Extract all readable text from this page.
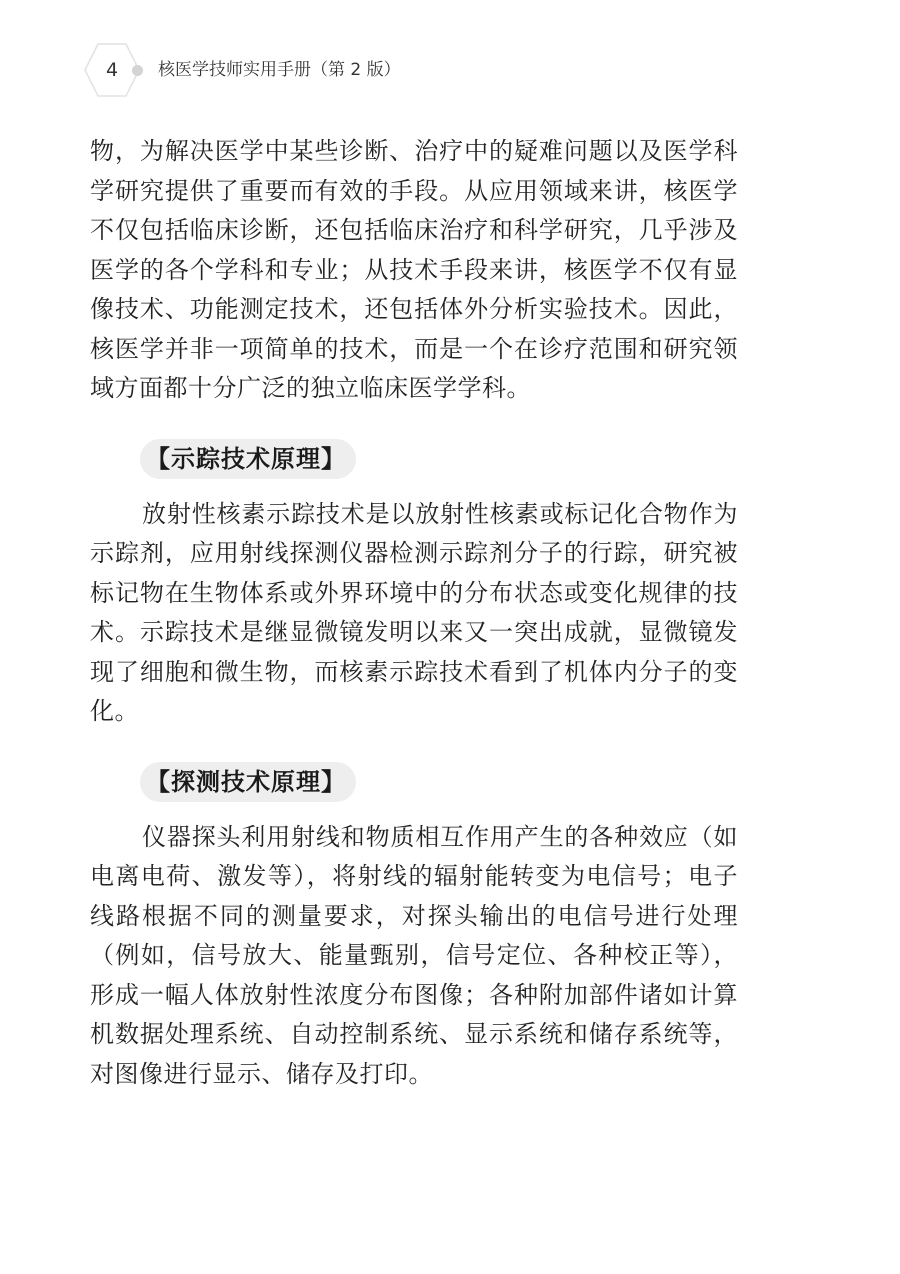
4	核医学技师实用手册（第 2 版）

物，为解决医学中某些诊断、治疗中的疑难问题以及医学科学研究提供了重要而有效的手段。从应用领域来讲，核医学不仅包括临床诊断，还包括临床治疗和科学研究，几乎涉及医学的各个学科和专业；从技术手段来讲，核医学不仅有显像技术、功能测定技术，还包括体外分析实验技术。因此，核医学并非一项简单的技术，而是一个在诊疗范围和研究领域方面都十分广泛的独立临床医学学科。

【示踪技术原理】

放射性核素示踪技术是以放射性核素或标记化合物作为示踪剂，应用射线探测仪器检测示踪剂分子的行踪，研究被标记物在生物体系或外界环境中的分布状态或变化规律的技术。示踪技术是继显微镜发明以来又一突出成就，显微镜发现了细胞和微生物，而核素示踪技术看到了机体内分子的变化。

【探测技术原理】

仪器探头利用射线和物质相互作用产生的各种效应（如电离电荷、激发等），将射线的辐射能转变为电信号；电子线路根据不同的测量要求，对探头输出的电信号进行处理（例如，信号放大、能量甄别，信号定位、各种校正等），形成一幅人体放射性浓度分布图像；各种附加部件诸如计算机数据处理系统、自动控制系统、显示系统和储存系统等，对图像进行显示、储存及打印。
